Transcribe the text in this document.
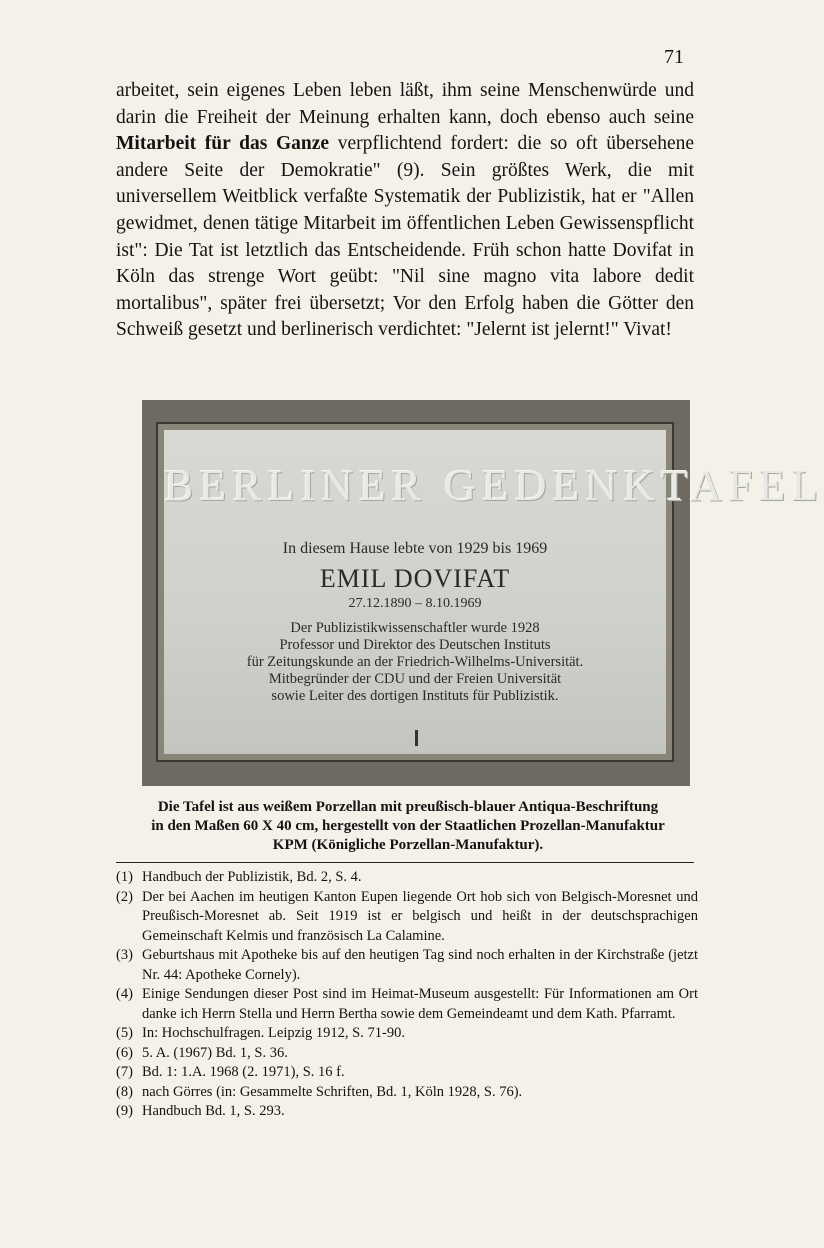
71

arbeitet, sein eigenes Leben leben läßt, ihm seine Menschenwürde und darin die Freiheit der Meinung erhalten kann, doch ebenso auch seine Mitarbeit für das Ganze verpflichtend fordert: die so oft übersehene andere Seite der Demokratie" (9). Sein größtes Werk, die mit universellem Weitblick verfaßte Systematik der Publizistik, hat er "Allen gewidmet, denen tätige Mitarbeit im öffentlichen Leben Gewissenspflicht ist": Die Tat ist letztlich das Entscheidende. Früh schon hatte Dovifat in Köln das strenge Wort geübt: "Nil sine magno vita labore dedit mortalibus", später frei übersetzt; Vor den Erfolg haben die Götter den Schweiß gesetzt und berlinerisch verdichtet: "Jelernt ist jelernt!" Vivat!

BERLINER GEDENKTAFEL
In diesem Hause lebte von 1929 bis 1969
EMIL DOVIFAT
27.12.1890 – 8.10.1969
Der Publizistikwissenschaftler wurde 1928
Professor und Direktor des Deutschen Instituts
für Zeitungskunde an der Friedrich-Wilhelms-Universität.
Mitbegründer der CDU und der Freien Universität
sowie Leiter des dortigen Instituts für Publizistik.
Die Tafel ist aus weißem Porzellan mit preußisch-blauer Antiqua-Beschriftung
in den Maßen 60 X 40 cm, hergestellt von der Staatlichen Prozellan-Manufaktur
KPM (Königliche Porzellan-Manufaktur).
(1) Handbuch der Publizistik, Bd. 2, S. 4.
(2) Der bei Aachen im heutigen Kanton Eupen liegende Ort hob sich von Belgisch-Moresnet und Preußisch-Moresnet ab. Seit 1919 ist er belgisch und heißt in der deutschsprachigen Gemeinschaft Kelmis und französisch La Calamine.
(3) Geburtshaus mit Apotheke bis auf den heutigen Tag sind noch erhalten in der Kirchstraße (jetzt Nr. 44: Apotheke Cornely).
(4) Einige Sendungen dieser Post sind im Heimat-Museum ausgestellt: Für Informationen am Ort danke ich Herrn Stella und Herrn Bertha sowie dem Gemeindeamt und dem Kath. Pfarramt.
(5) In: Hochschulfragen. Leipzig 1912, S. 71-90.
(6) 5. A. (1967) Bd. 1, S. 36.
(7) Bd. 1: 1.A. 1968 (2. 1971), S. 16 f.
(8) nach Görres (in: Gesammelte Schriften, Bd. 1, Köln 1928, S. 76).
(9) Handbuch Bd. 1, S. 293.
